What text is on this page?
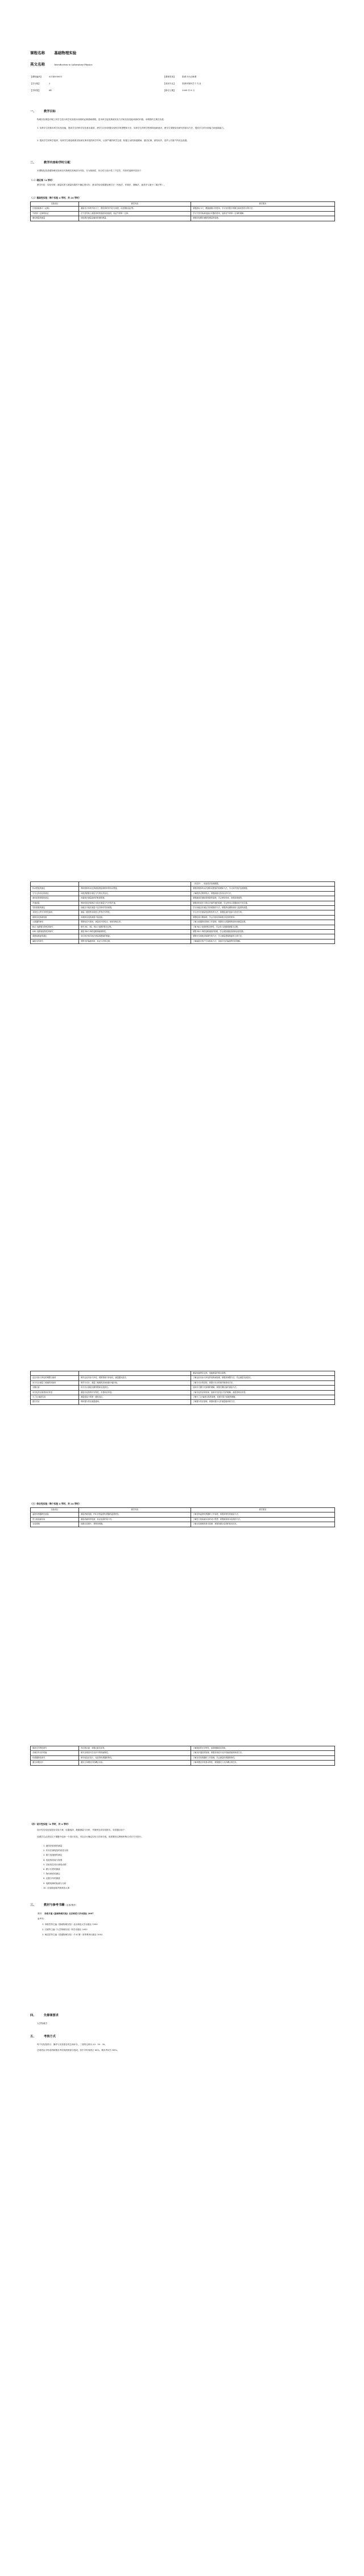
课程名称	基础物理实验
英文名称	Introduction to Laboratory Physics
【课程编码】	0214000003	【课程类别】	院系平台必修课
【学分数】	2	【适用专业】	资源环境科学 1 专业
【学时数】	64	【修订日期】	2009 年 8 月
一、	教学目标
物理实验课是对理工科学生进行科学实验基本训练的必修基础课程，是本科生接受系统实验方法和实验技能训练的开端。本课程的主要任务是：
1. 培养学生的基本科学实验技能，提高学生的科学实验基本素质，使学生初步掌握实验科学的思想和方法。培养学生的科学思维和创新意识，使学生掌握实验研究的基本方法，提高学生的分析能力和创新能力。
2. 提高学生的科学素养，培养学生理论联系实际和实事求是的科学作风，认真严谨的科学态度，积极主动的探索精神，遵守纪律，团结协作，爱护公共财产的优良品德。
二、	教学内容和学时分配
本课程包括普通物理实验和近代物理实验两部分内容。分为基础性、综合性与设计性三个层次，具体的选修内容如下：
（一）绪论课（4 学时）
教学内容：实验安排；测量误差与测量结果的不确定度评价；基本的实验数据处理方法（列表法、作图法、图解法、逐差法与最小二乘法等）。
（二）基础性实验（每个实验 4 学时，共 24 学时）
实验项目	教学内容	教学要求
长度测量练习（必做）	测量长方体的外形尺寸、圆柱体的内外径与深度，以及钢丝直径等。	掌握游标卡尺、螺旋测微计的使用；学习有效数字的概念和误差的计算方法。
牛顿第二定律的验证	在气垫导轨上测量滑块的速度和加速度，验证牛顿第二定律。	学习气垫导轨和电脑计时器的使用，加深对牛顿第二定律的理解。
刚性模量的测量	用扭摆法测量金属丝的刚性模量。	掌握用扭摆法测刚性模量的原理。
		（光杠杆），用逐差法处理数据。
转动惯量的测定	利用刚体转动定律测量圆盘和圆环的转动惯量。	掌握用刚体转动法测转动惯量的原理和方法，学习用作图法处理数据。
空气比热容比的测定	用绝热膨胀法测定空气的比热容比。	了解绝热过程的特点，掌握测量比热容比的方法。
液体粘滞系数的测定	用落球法测量液体的粘滞系数。	掌握落球法测粘滞系数的原理，学会使用秒表、读数显微镜等。
声速测量	利用驻波法和相位比较法测量空气中的声速。	掌握用驻波法与相位法测声速的原理，学会使用示波器和信号发生器。
导热系数的测定	用稳态平板法测量不良导体的导热系数。	学习用稳态法测定导热系数的方法，掌握热电偶的使用与温度的测量。
非线性元件伏安特性曲线	测量二极管等非线性元件的伏安特性。	学习伏安法测量电阻特性的方法，掌握电表的选择与误差分析。
惠斯登电桥测电阻	用惠斯登电桥测量中值电阻。	掌握电桥平衡原理，学会自组电桥和箱式电桥的使用。
示波器的使用	观察电信号波形，测量信号的电压、频率和相位差。	了解示波器的结构和工作原理，掌握用示波器观察波形和测量参数。
RLC 电路暂态特性的研究	研究 RC、RL、RLC 电路的暂态过程。	了解 RLC 电路的暂态特性，学会用示波器观测暂态过程。
LRC 电路谐振特性的研究	测量 RLC 串联电路的幅频特性。	掌握 RLC 串联电路谐振的原理，学会测量谐振曲线和品质因数。
薄透镜焦距的测定	用自准法和共轭法测量薄透镜的焦距。	掌握光学系统共轴调节的方法，学习测量透镜焦距的几种方法。
偏振光的研究	观察光的偏振现象，验证马吕斯定律。	了解偏振光的产生和检验方法，加深对光的偏振特性的理解。
		测量电磁感应定律，电磁测量的基本原理。
迈克耳孙干涉仪的调整与使用	调节迈克耳孙干涉仪，观察等倾干涉条纹，测量激光波长。	了解迈克耳孙干涉仪的结构和原理，掌握其调整方法，学会测量光波波长。
用分光计测量三棱镜的折射率	调节分光计，测量三棱镜的顶角和最小偏向角。	了解分光计的结构，掌握分光计的调节和使用方法。
光栅衍射	用分光计测量光栅常数和光波波长。	加深对光栅分光原理的理解，掌握光栅衍射的测量方法。
用光电效应测普朗克常量	测量光电管的伏安特性，求普朗克常量。	了解光电效应的规律，加深对光的量子性的理解，测量普朗克常量。
夫兰克-赫兹实验	测量氩原子的第一激发电位。	了解夫兰克-赫兹实验的原理，加深对原子能级的理解。
霍尔效应	利用霍尔效应测量磁场。	了解霍尔效应原理，掌握用霍尔元件测量磁场的方法。
（三）综合性实验（每个实验 4 学时，共 24 学时）
实验项目	教学内容	教学要求
温度传感器特性测量	测量热敏电阻、PN 结等温度传感器的温度特性。	了解各种温度传感器的工作原理，掌握其特性的测量方法。
密立根油滴实验	测量油滴所带电荷，验证电荷的量子性。	了解密立根油滴实验的设计思想，掌握测量基本电荷的方法。
全息照相	拍摄全息照片，观察再现像。	了解全息照相的基本原理，掌握拍摄全息图的基本技术。
微波光学特性研究	布拉格衍射、单缝衍射实验等。	了解微波的光学特性，加深理解波动现象。
音频信号光纤传输	研究音频信号在光纤中的传输特性。	了解光纤通信的原理，掌握音频信号光纤传输系统的调试方法。
传感器特性研究	研究电阻应变片、电容等传感器的特性。	了解各类传感器的工作原理，学会测量传感器的特性。
激光单模光纤	激光与单模光纤的耦合实验。	了解单模光纤的基本特性，掌握激光与光纤耦合的技术。
（四）设计性实验（4 学时，共 4 学时）
设计性实验包括提出实验方案、仪器选择、数据测量与分析，并最终完成实验报告。实验题目如下：
选课学生必须从以下课题中选择一个进行实验，可以自行确定实验方法和手段，但需要经过教师审核认可后方可进行。
1. 液体折射率的测量
2. 伏安法测电阻的误差分析
3. 重力加速度的测定
4. 电表的改装与校准
5. 自组电位差计测电动势
6. 微小长度的测量
7. 物体密度的测定
8. 光强分布的测量
9. 电路故障的检测与分析
10. 自组望远镜并测其放大率
三、	教材与参考书籍（必备/推荐）
教材： 李春月编《基础物理实验》北京师范大学出版社 2007
参考书：
1. 李艳雪等主编《基础物理实验》北京师范大学出版社 1999
2. 吕斌等主编《大学物理实验》科学出版社 2003
3. 杨述武等主编《普通物理实验》（1-4 册）高等教育出版社 2002
四、	先修课要求
大学物理学
五、	考核方式
每个实验按预习、操作与实验报告的总和评分，三者的比例为 20：50：30。
总成绩由平时成绩和期末考试成绩两部分组成，其中平时成绩占 60%，期末考试占 40%。
